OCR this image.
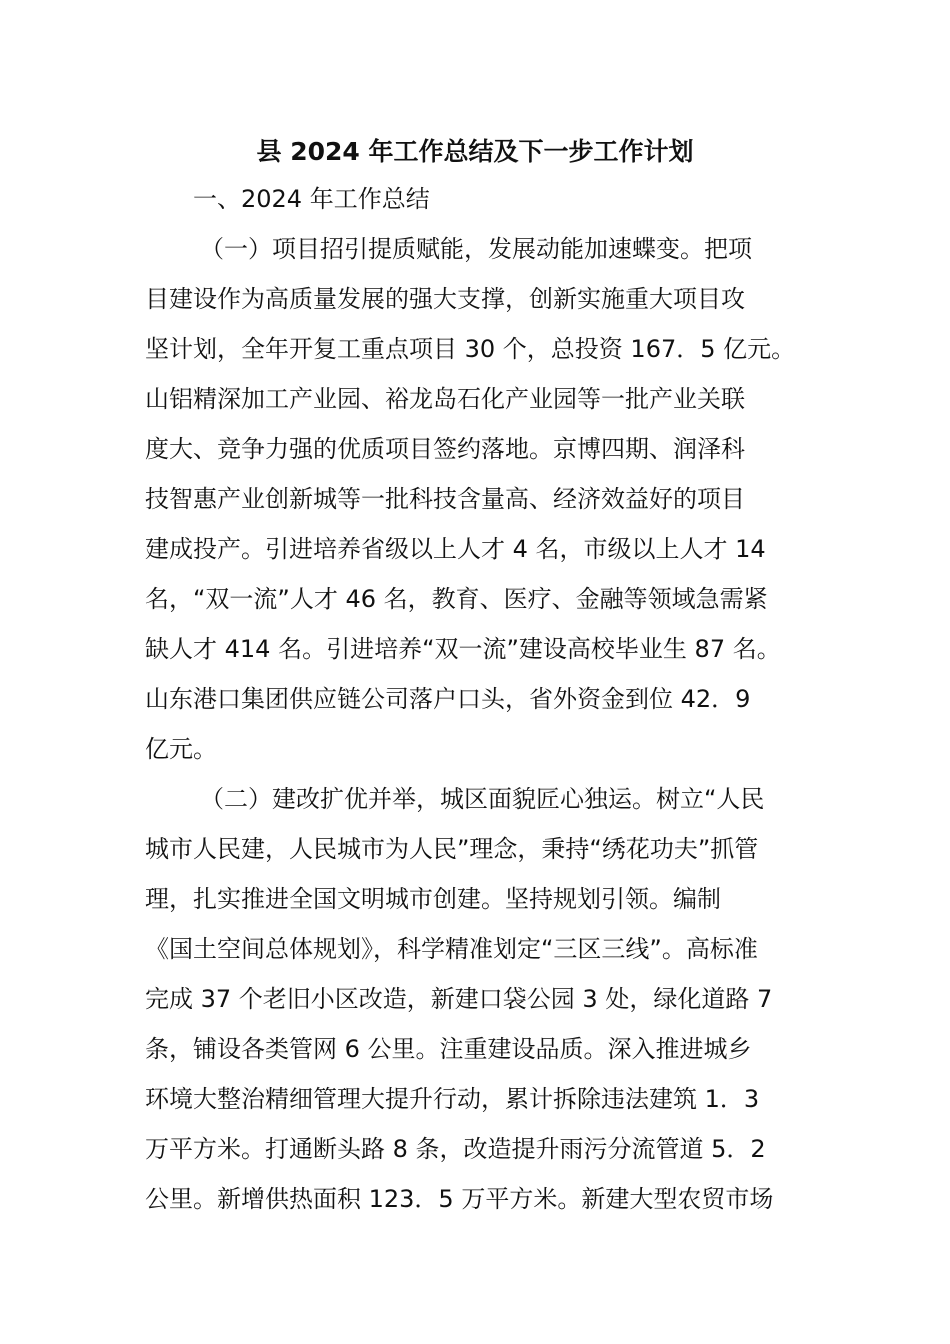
县 2024 年工作总结及下一步工作计划
一、2024 年工作总结
（一）项目招引提质赋能，发展动能加速蝶变。把项
目建设作为高质量发展的强大支撑，创新实施重大项目攻
坚计划，全年开复工重点项目 30 个，总投资 167．5 亿元。
山铝精深加工产业园、裕龙岛石化产业园等一批产业关联
度大、竞争力强的优质项目签约落地。京博四期、润泽科
技智惠产业创新城等一批科技含量高、经济效益好的项目
建成投产。引进培养省级以上人才 4 名，市级以上人才 14
名，“双一流”人才 46 名，教育、医疗、金融等领域急需紧
缺人才 414 名。引进培养“双一流”建设高校毕业生 87 名。
山东港口集团供应链公司落户口头，省外资金到位 42．9
亿元。
（二）建改扩优并举，城区面貌匠心独运。树立“人民
城市人民建，人民城市为人民”理念，秉持“绣花功夫”抓管
理，扎实推进全国文明城市创建。坚持规划引领。编制
《国土空间总体规划》，科学精准划定“三区三线”。高标准
完成 37 个老旧小区改造，新建口袋公园 3 处，绿化道路 7
条，铺设各类管网 6 公里。注重建设品质。深入推进城乡
环境大整治精细管理大提升行动，累计拆除违法建筑 1．3
万平方米。打通断头路 8 条，改造提升雨污分流管道 5．2
公里。新增供热面积 123．5 万平方米。新建大型农贸市场
